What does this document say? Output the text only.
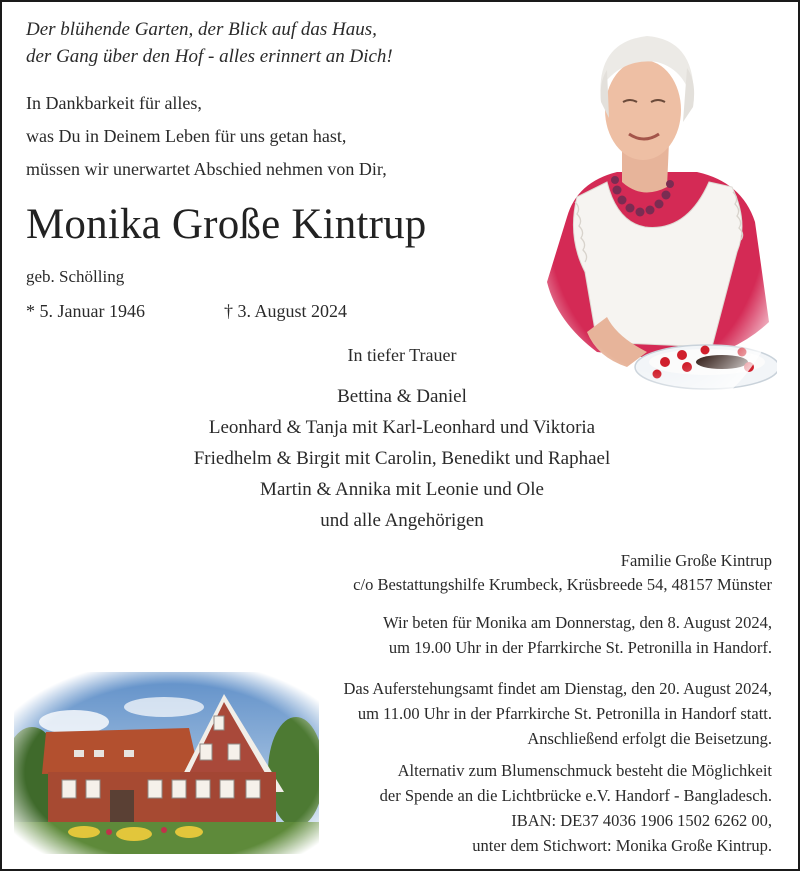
Der blühende Garten, der Blick auf das Haus,
der Gang über den Hof - alles erinnert an Dich!
In Dankbarkeit für alles,
was Du in Deinem Leben für uns getan hast,
müssen wir unerwartet Abschied nehmen von Dir,
Monika Große Kintrup
geb. Schölling
* 5. Januar 1946	† 3. August 2024
In tiefer Trauer
Bettina & Daniel
Leonhard & Tanja mit Karl-Leonhard und Viktoria
Friedhelm & Birgit mit Carolin, Benedikt und Raphael
Martin & Annika mit Leonie und Ole
und alle Angehörigen
Familie Große Kintrup
c/o Bestattungshilfe Krumbeck, Krüsbreede 54, 48157 Münster
Wir beten für Monika am Donnerstag, den 8. August 2024,
um 19.00 Uhr in der Pfarrkirche St. Petronilla in Handorf.
Das Auferstehungsamt findet am Dienstag, den 20. August 2024,
um 11.00 Uhr in der Pfarrkirche St. Petronilla in Handorf statt.
Anschließend erfolgt die Beisetzung.
Alternativ zum Blumenschmuck besteht die Möglichkeit
der Spende an die Lichtbrücke e.V. Handorf - Bangladesch.
IBAN: DE37 4036 1906 1502 6262 00,
unter dem Stichwort: Monika Große Kintrup.
